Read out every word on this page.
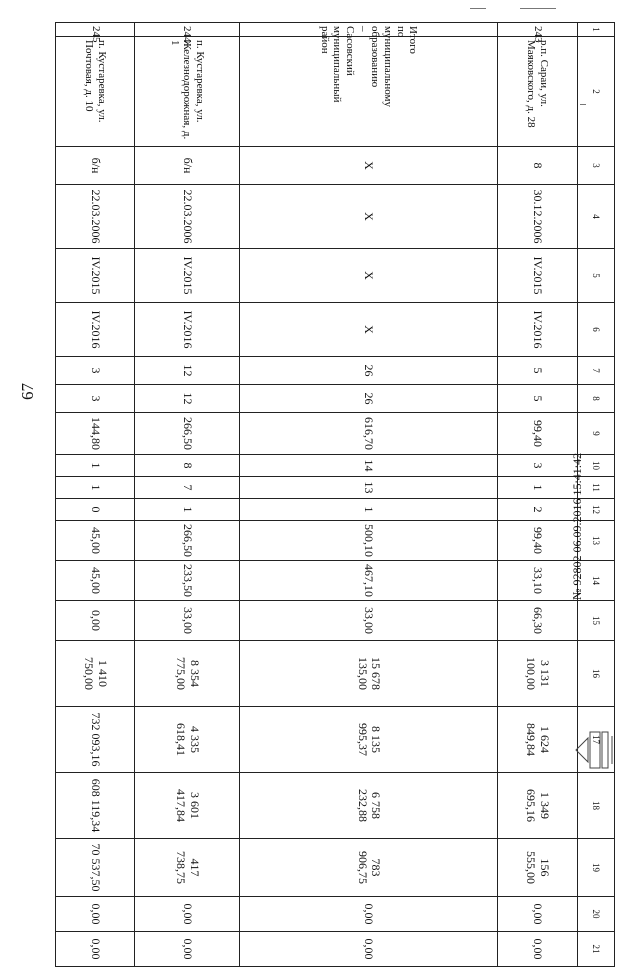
67
1	2	3	4	5	6	7	8	9	10	11	12	13	14	15	16	17	18	19	20	21
243	р.п. Сараи, ул. Маяковского, д. 28	8	30.12.2006	IV.2015	IV.2016	5	5	99,40	3	1	2	99,40	33,10	66,30	3 131 100,00	1 624 849,84	1 349 695,16	156 555,00	0,00	0,00
Итого по муниципальному образованию – Сасовский муниципальный район		X	X	X	X	26	26	616,70	14	13	1	500,10	467,10	33,00	15 678 135,00	8 135 995,37	6 758 232,88	783 906,75	0,00	0,00
244	п. Кустаревка, ул. Железнодорожная, д. 1	б/н	22.03.2006	IV.2015	IV.2016	12	12	266,50	8	7	1	266,50	233,50	33,00	8 354 775,00	4 335 618,41	3 601 417,84	417 738,75	0,00	0,00
245	п. Кустаревка, ул. Почтовая, д. 10	б/н	22.03.2006	IV.2015	IV.2016	3	3	144,80	1	1	0	45,00	45,00	0,00	1 410 750,00	732 093,16	608 119,34	70 537,50	0,00	0,00
№ 92802 06.09.2016 15:41:42
